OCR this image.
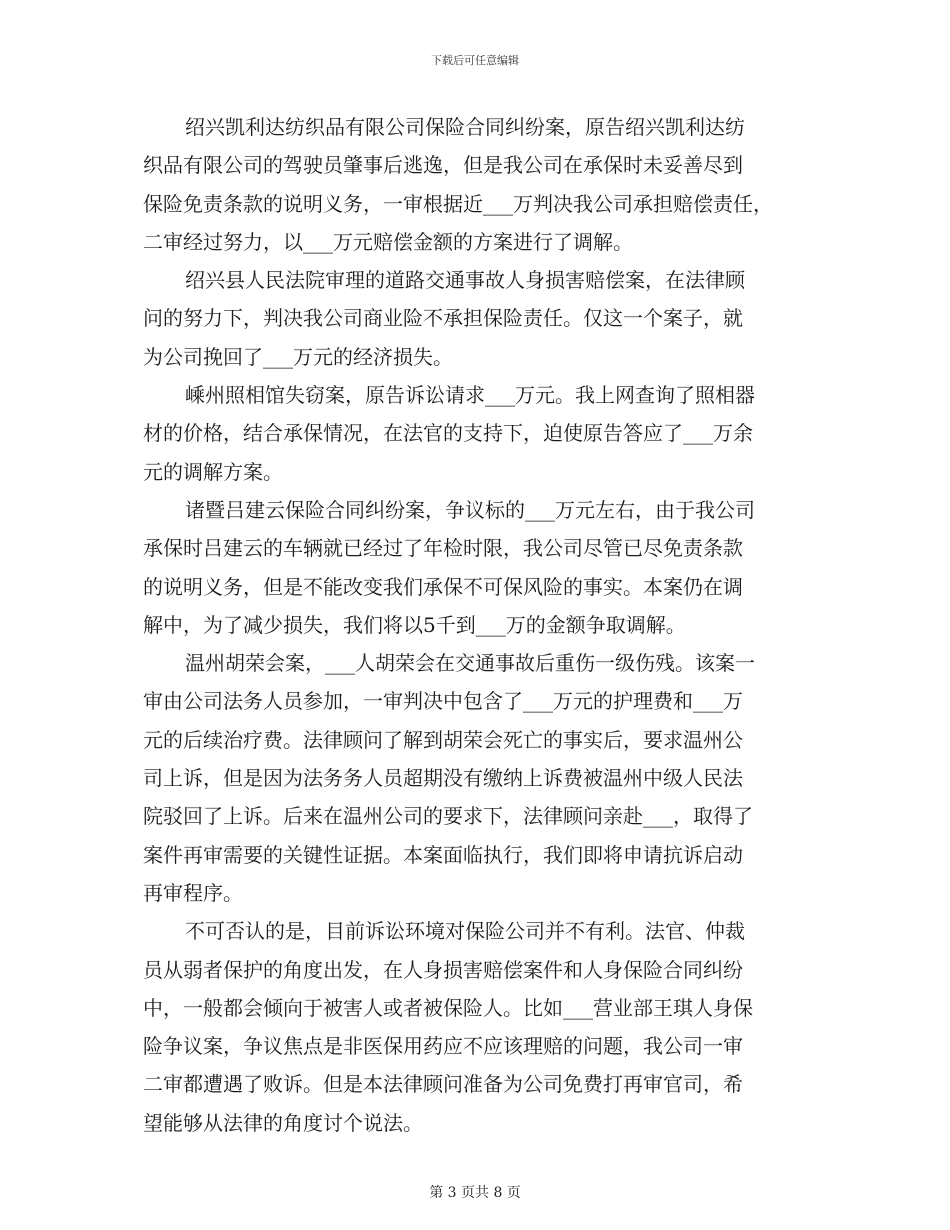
下载后可任意编辑

绍兴凯利达纺织品有限公司保险合同纠纷案，原告绍兴凯利达纺
织品有限公司的驾驶员肇事后逃逸，但是我公司在承保时未妥善尽到
保险免责条款的说明义务，一审根据近___万判决我公司承担赔偿责任，
二审经过努力，以___万元赔偿金额的方案进行了调解。

绍兴县人民法院审理的道路交通事故人身损害赔偿案，在法律顾
问的努力下，判决我公司商业险不承担保险责任。仅这一个案子，就
为公司挽回了___万元的经济损失。

嵊州照相馆失窃案，原告诉讼请求___万元。我上网查询了照相器
材的价格，结合承保情况，在法官的支持下，迫使原告答应了___万余
元的调解方案。

诸暨吕建云保险合同纠纷案，争议标的___万元左右，由于我公司
承保时吕建云的车辆就已经过了年检时限，我公司尽管已尽免责条款
的说明义务，但是不能改变我们承保不可保风险的事实。本案仍在调
解中，为了减少损失，我们将以5千到___万的金额争取调解。

温州胡荣会案，___人胡荣会在交通事故后重伤一级伤残。该案一
审由公司法务人员参加，一审判决中包含了___万元的护理费和___万
元的后续治疗费。法律顾问了解到胡荣会死亡的事实后，要求温州公
司上诉，但是因为法务务人员超期没有缴纳上诉费被温州中级人民法
院驳回了上诉。后来在温州公司的要求下，法律顾问亲赴___，取得了
案件再审需要的关键性证据。本案面临执行，我们即将申请抗诉启动
再审程序。

不可否认的是，目前诉讼环境对保险公司并不有利。法官、仲裁
员从弱者保护的角度出发，在人身损害赔偿案件和人身保险合同纠纷
中，一般都会倾向于被害人或者被保险人。比如___营业部王琪人身保
险争议案，争议焦点是非医保用药应不应该理赔的问题，我公司一审
二审都遭遇了败诉。但是本法律顾问准备为公司免费打再审官司，希
望能够从法律的角度讨个说法。

第 3 页共 8 页
